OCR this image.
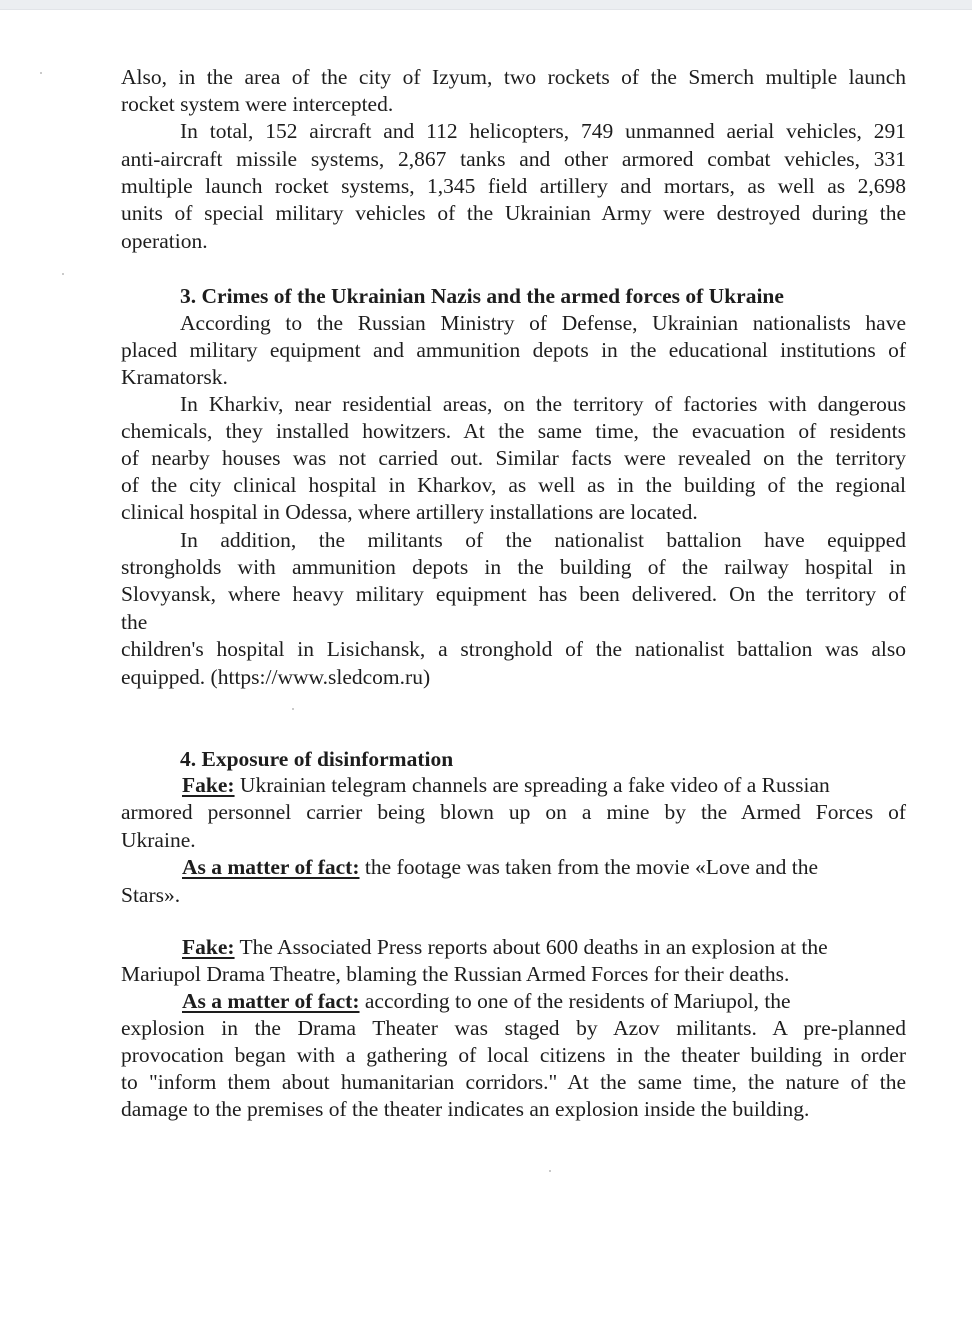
Also, in the area of the city of Izyum, two rockets of the Smerch multiple launch
rocket system were intercepted.
In total, 152 aircraft and 112 helicopters, 749 unmanned aerial vehicles, 291
anti-aircraft missile systems, 2,867 tanks and other armored combat vehicles, 331
multiple launch rocket systems, 1,345 field artillery and mortars, as well as 2,698
units of special military vehicles of the Ukrainian Army were destroyed during the
operation.
3. Crimes of the Ukrainian Nazis and the armed forces of Ukraine
According to the Russian Ministry of Defense, Ukrainian nationalists have
placed military equipment and ammunition depots in the educational institutions of
Kramatorsk.
In Kharkiv, near residential areas, on the territory of factories with dangerous
chemicals, they installed howitzers. At the same time, the evacuation of residents
of nearby houses was not carried out. Similar facts were revealed on the territory
of the city clinical hospital in Kharkov, as well as in the building of the regional
clinical hospital in Odessa, where artillery installations are located.
In addition, the militants of the nationalist battalion have equipped
strongholds with ammunition depots in the building of the railway hospital in
Slovyansk, where heavy military equipment has been delivered. On the territory of
the
children's hospital in Lisichansk, a stronghold of the nationalist battalion was also
equipped. (https://www.sledcom.ru)
4. Exposure of disinformation
Fake: Ukrainian telegram channels are spreading a fake video of a Russian
armored personnel carrier being blown up on a mine by the Armed Forces of
Ukraine.
As a matter of fact: the footage was taken from the movie «Love and the
Stars».
Fake: The Associated Press reports about 600 deaths in an explosion at the
Mariupol Drama Theatre, blaming the Russian Armed Forces for their deaths.
As a matter of fact: according to one of the residents of Mariupol, the
explosion in the Drama Theater was staged by Azov militants. A pre-planned
provocation began with a gathering of local citizens in the theater building in order
to "inform them about humanitarian corridors." At the same time, the nature of the
damage to the premises of the theater indicates an explosion inside the building.
